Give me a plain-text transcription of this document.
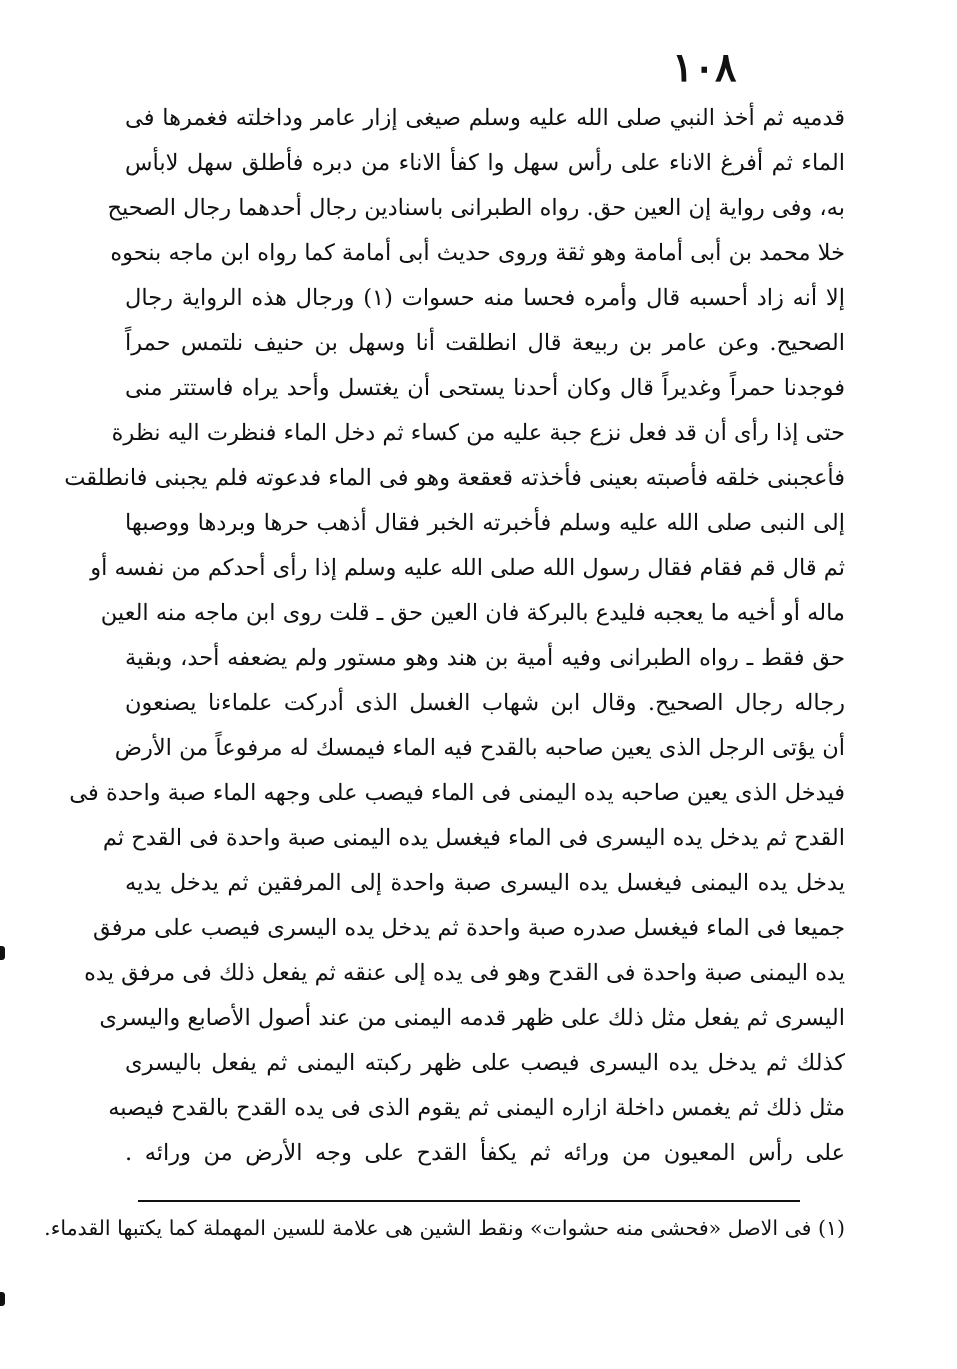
١٠٨
قدميه ثم أخذ النبي صلى الله عليه وسلم صيغى إزار عامر وداخلته فغمرها فى
الماء ثم أفرغ الاناء على رأس سهل وا كفأ الاناء من دبره فأطلق سهل لابأس
به، وفى رواية إن العين حق. رواه الطبرانى باسنادين رجال أحدهما رجال الصحيح
خلا محمد بن أبى أمامة وهو ثقة وروى حديث أبى أمامة كما رواه ابن ماجه بنحوه
إلا أنه زاد أحسبه قال وأمره فحسا منه حسوات (١) ورجال هذه الرواية رجال
الصحيح. وعن عامر بن ربيعة قال انطلقت أنا وسهل بن حنيف نلتمس حمراً
فوجدنا حمراً وغديراً قال وكان أحدنا يستحى أن يغتسل وأحد يراه فاستتر منى
حتى إذا رأى أن قد فعل نزع جبة عليه من كساء ثم دخل الماء فنظرت اليه نظرة
فأعجبنى خلقه فأصبته بعينى فأخذته قعقعة وهو فى الماء فدعوته فلم يجبنى فانطلقت
إلى النبى صلى الله عليه وسلم فأخبرته الخبر فقال أذهب حرها وبردها ووصبها
ثم قال قم فقام فقال رسول الله صلى الله عليه وسلم إذا رأى أحدكم من نفسه أو
ماله أو أخيه ما يعجبه فليدع بالبركة فان العين حق ـ قلت روى ابن ماجه منه العين
حق فقط ـ رواه الطبرانى وفيه أمية بن هند وهو مستور ولم يضعفه أحد، وبقية
رجاله رجال الصحيح. وقال ابن شهاب الغسل الذى أدركت علماءنا يصنعون
أن يؤتى الرجل الذى يعين صاحبه بالقدح فيه الماء فيمسك له مرفوعاً من الأرض
فيدخل الذى يعين صاحبه يده اليمنى فى الماء فيصب على وجهه الماء صبة واحدة فى
القدح ثم يدخل يده اليسرى فى الماء فيغسل يده اليمنى صبة واحدة فى القدح ثم
يدخل يده اليمنى فيغسل يده اليسرى صبة واحدة إلى المرفقين ثم يدخل يديه
جميعا فى الماء فيغسل صدره صبة واحدة ثم يدخل يده اليسرى فيصب على مرفق
يده اليمنى صبة واحدة فى القدح وهو فى يده إلى عنقه ثم يفعل ذلك فى مرفق يده
اليسرى ثم يفعل مثل ذلك على ظهر قدمه اليمنى من عند أصول الأصابع واليسرى
كذلك ثم يدخل يده اليسرى فيصب على ظهر ركبته اليمنى ثم يفعل باليسرى
مثل ذلك ثم يغمس داخلة ازاره اليمنى ثم يقوم الذى فى يده القدح بالقدح فيصبه
على رأس المعيون من ورائه ثم يكفأ القدح على وجه الأرض من ورائه .
(١) فى الاصل «فحشى منه حشوات» ونقط الشين هى علامة للسين المهملة كما يكتبها القدماء.
